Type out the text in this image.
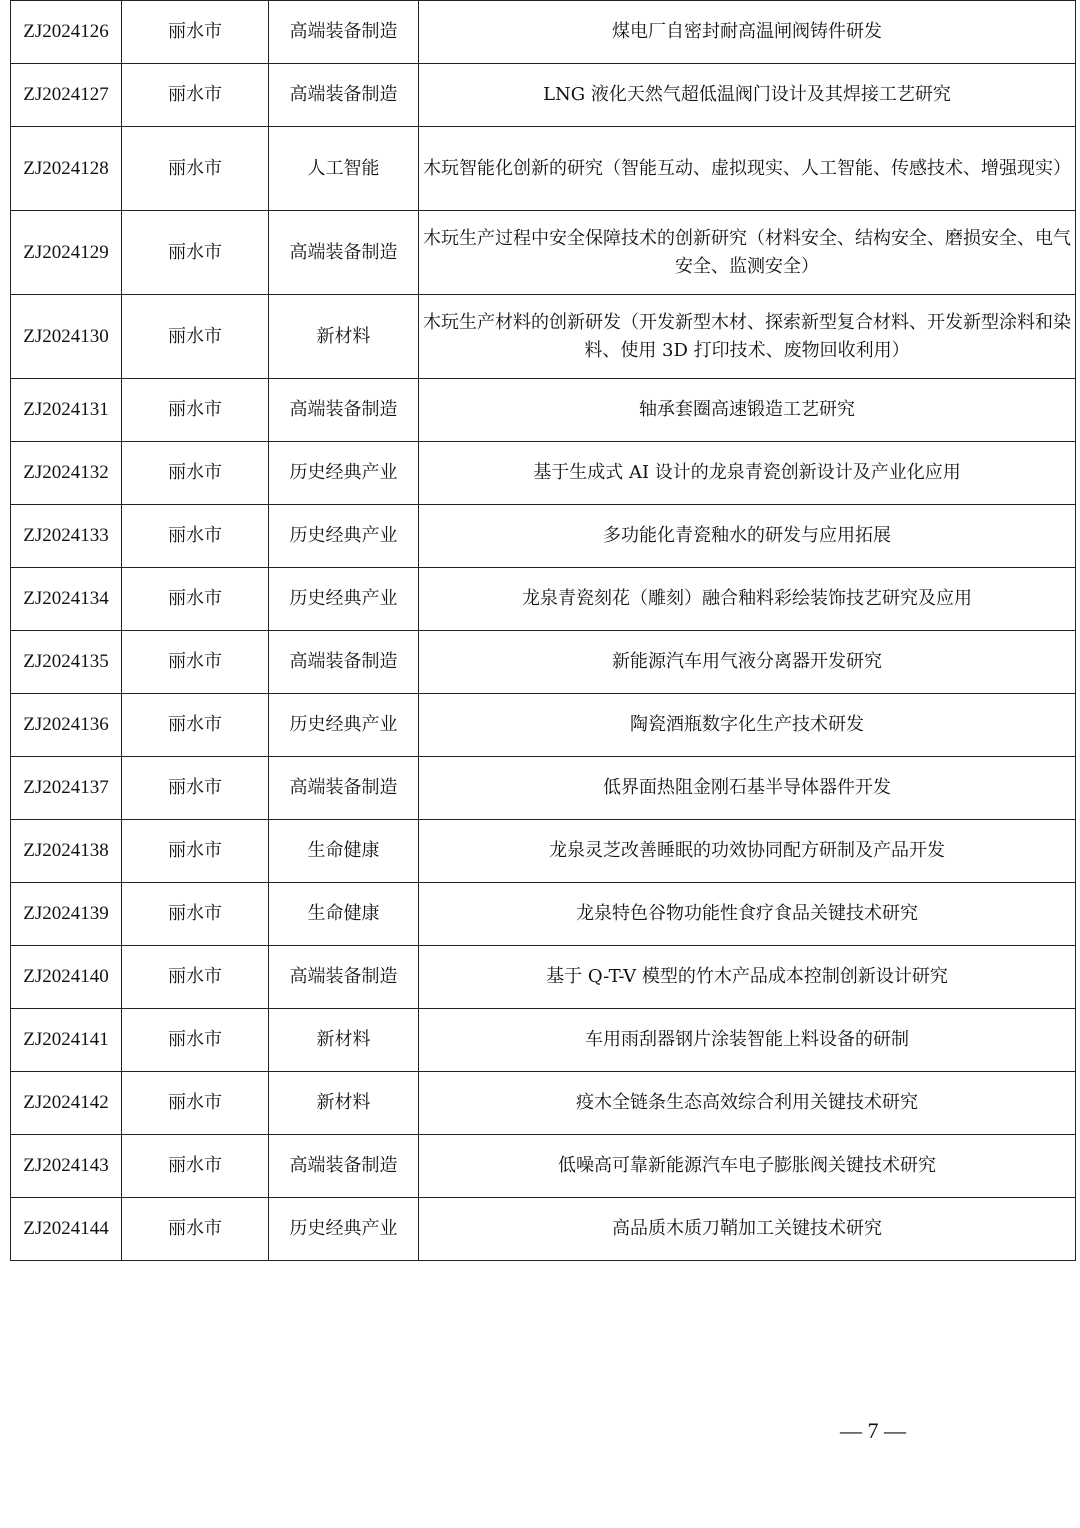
ZJ2024126	丽水市	高端装备制造	煤电厂自密封耐高温闸阀铸件研发
ZJ2024127	丽水市	高端装备制造	LNG 液化天然气超低温阀门设计及其焊接工艺研究
ZJ2024128	丽水市	人工智能	木玩智能化创新的研究（智能互动、虚拟现实、人工智能、传感技术、增强现实）
ZJ2024129	丽水市	高端装备制造	木玩生产过程中安全保障技术的创新研究（材料安全、结构安全、磨损安全、电气安全、监测安全）
ZJ2024130	丽水市	新材料	木玩生产材料的创新研发（开发新型木材、探索新型复合材料、开发新型涂料和染料、使用 3D 打印技术、废物回收利用）
ZJ2024131	丽水市	高端装备制造	轴承套圈高速锻造工艺研究
ZJ2024132	丽水市	历史经典产业	基于生成式 AI 设计的龙泉青瓷创新设计及产业化应用
ZJ2024133	丽水市	历史经典产业	多功能化青瓷釉水的研发与应用拓展
ZJ2024134	丽水市	历史经典产业	龙泉青瓷刻花（雕刻）融合釉料彩绘装饰技艺研究及应用
ZJ2024135	丽水市	高端装备制造	新能源汽车用气液分离器开发研究
ZJ2024136	丽水市	历史经典产业	陶瓷酒瓶数字化生产技术研发
ZJ2024137	丽水市	高端装备制造	低界面热阻金刚石基半导体器件开发
ZJ2024138	丽水市	生命健康	龙泉灵芝改善睡眠的功效协同配方研制及产品开发
ZJ2024139	丽水市	生命健康	龙泉特色谷物功能性食疗食品关键技术研究
ZJ2024140	丽水市	高端装备制造	基于 Q-T-V 模型的竹木产品成本控制创新设计研究
ZJ2024141	丽水市	新材料	车用雨刮器钢片涂装智能上料设备的研制
ZJ2024142	丽水市	新材料	疫木全链条生态高效综合利用关键技术研究
ZJ2024143	丽水市	高端装备制造	低噪高可靠新能源汽车电子膨胀阀关键技术研究
ZJ2024144	丽水市	历史经典产业	高品质木质刀鞘加工关键技术研究
— 7 —
